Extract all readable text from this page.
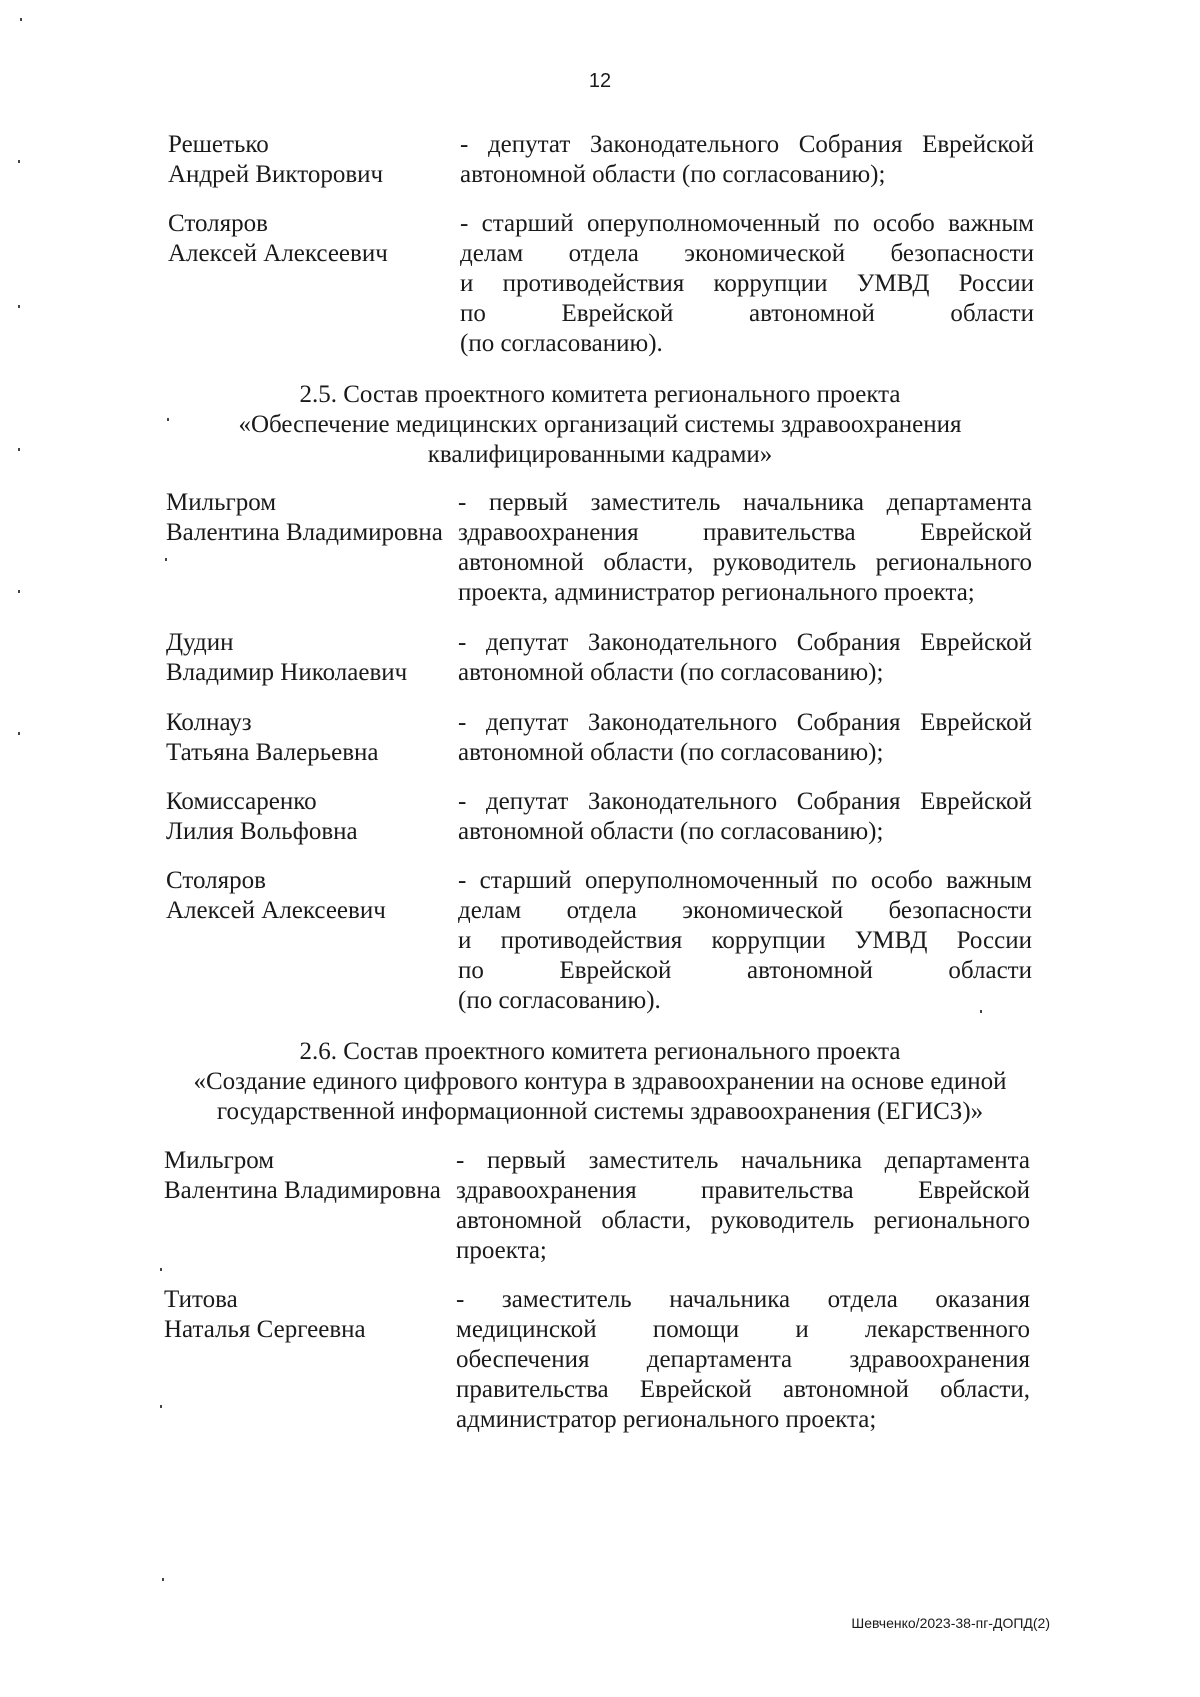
12
Решетько
Андрей Викторович
- депутат Законодательного Собрания Еврейской
автономной области (по согласованию);
Столяров
Алексей Алексеевич
- старший оперуполномоченный по особо важным
делам отдела экономической безопасности
и противодействия коррупции УМВД России
по Еврейской автономной области
(по согласованию).
2.5. Состав проектного комитета регионального проекта
«Обеспечение медицинских организаций системы здравоохранения
квалифицированными кадрами»
Мильгром
Валентина Владимировна
- первый заместитель начальника департамента
здравоохранения правительства Еврейской
автономной области, руководитель регионального
проекта, администратор регионального проекта;
Дудин
Владимир Николаевич
- депутат Законодательного Собрания Еврейской
автономной области (по согласованию);
Колнауз
Татьяна Валерьевна
- депутат Законодательного Собрания Еврейской
автономной области (по согласованию);
Комиссаренко
Лилия Вольфовна
- депутат Законодательного Собрания Еврейской
автономной области (по согласованию);
Столяров
Алексей Алексеевич
- старший оперуполномоченный по особо важным
делам отдела экономической безопасности
и противодействия коррупции УМВД России
по Еврейской автономной области
(по согласованию).
2.6. Состав проектного комитета регионального проекта
«Создание единого цифрового контура в здравоохранении на основе единой
государственной информационной системы здравоохранения (ЕГИСЗ)»
Мильгром
Валентина Владимировна
- первый заместитель начальника департамента
здравоохранения правительства Еврейской
автономной области, руководитель регионального
проекта;
Титова
Наталья Сергеевна
- заместитель начальника отдела оказания
медицинской помощи и лекарственного
обеспечения департамента здравоохранения
правительства Еврейской автономной области,
администратор регионального проекта;
Шевченко/2023-38-пг-ДОПД(2)
